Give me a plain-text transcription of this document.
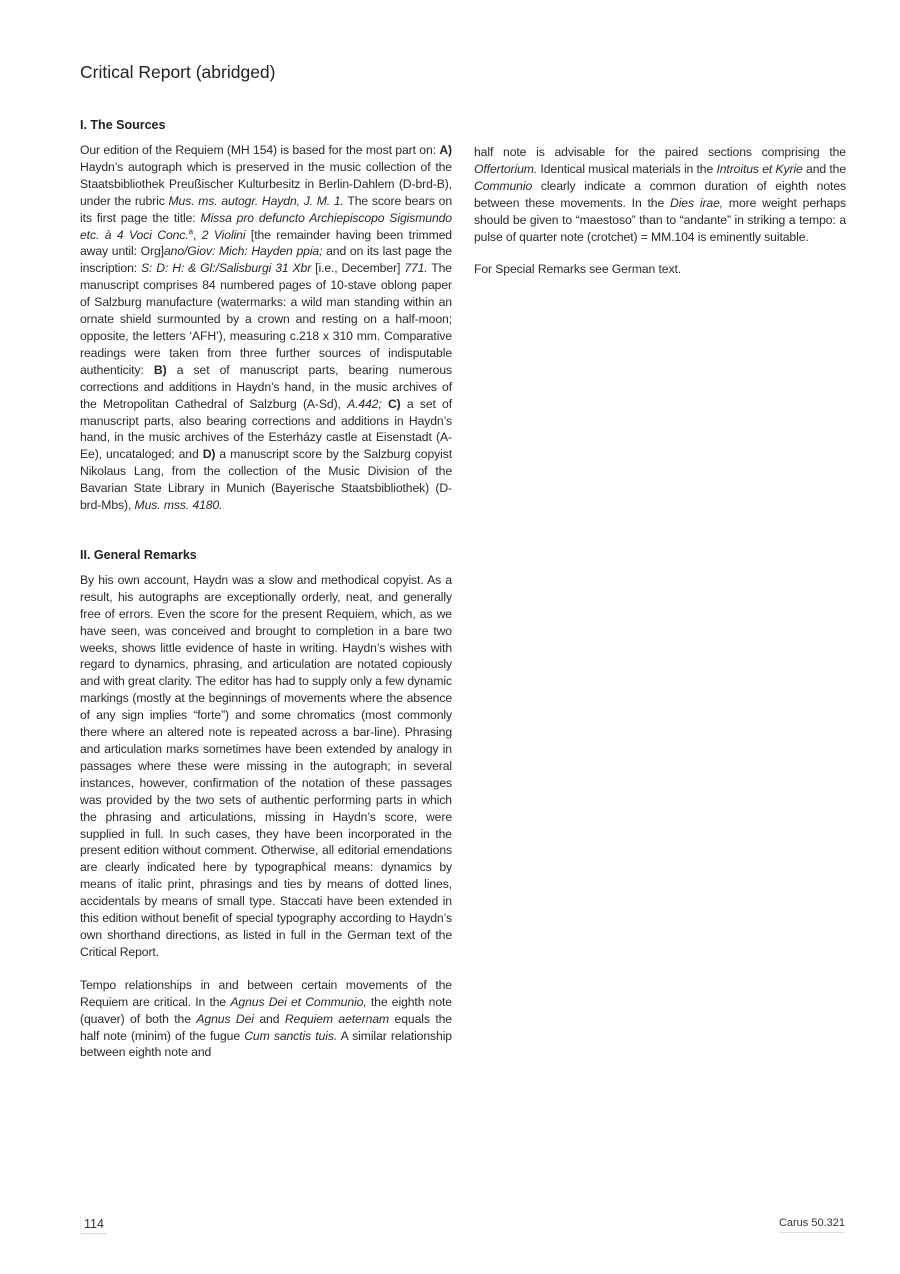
Critical Report (abridged)
I. The Sources

Our edition of the Requiem (MH 154) is based for the most part on: A) Haydn’s autograph which is preserved in the music collection of the Staatsbibliothek Preußischer Kulturbesitz in Berlin-Dahlem (D-brd-B), under the rubric Mus. ms. autogr. Haydn, J. M. 1. The score bears on its first page the title: Missa pro defuncto Archiepiscopo Sigismundo etc. à 4 Voci Conc.$^a$, 2 Violini [the remainder having been trimmed away until: Org]ano/Giov: Mich: Hayden ppia; and on its last page the inscription: S: D: H: & Gl:/Salisburgi 31 Xbr [i.e., December] 771. The manuscript comprises 84 numbered pages of 10-stave oblong paper of Salzburg manufacture (watermarks: a wild man standing within an ornate shield surmounted by a crown and resting on a half-moon; opposite, the letters ‘AFH’), measuring c.218 x 310 mm. Comparative readings were taken from three further sources of indisputable authenticity: B) a set of manuscript parts, bearing numerous corrections and additions in Haydn’s hand, in the music archives of the Metropolitan Cathedral of Salzburg (A-Sd), A.442; C) a set of manuscript parts, also bearing corrections and additions in Haydn’s hand, in the music archives of the Esterházy castle at Eisenstadt (A-Ee), uncataloged; and D) a manuscript score by the Salzburg copyist Nikolaus Lang, from the collection of the Music Division of the Bavarian State Library in Munich (Bayerische Staatsbibliothek) (D-brd-Mbs), Mus. mss. 4180.

II. General Remarks

By his own account, Haydn was a slow and methodical copyist. As a result, his autographs are exceptionally orderly, neat, and generally free of errors. Even the score for the present Requiem, which, as we have seen, was conceived and brought to completion in a bare two weeks, shows little evidence of haste in writing. Haydn’s wishes with regard to dynamics, phrasing, and articulation are notated copiously and with great clarity. The editor has had to supply only a few dynamic markings (mostly at the beginnings of movements where the absence of any sign implies “forte”) and some chromatics (most commonly there where an altered note is repeated across a bar-line). Phrasing and articulation marks sometimes have been extended by analogy in passages where these were missing in the autograph; in several instances, however, confirmation of the notation of these passages was provided by the two sets of authentic performing parts in which the phrasing and articulations, missing in Haydn’s score, were supplied in full. In such cases, they have been incorporated in the present edition without comment. Otherwise, all editorial emendations are clearly indicated here by typographical means: dynamics by means of italic print, phrasings and ties by means of dotted lines, accidentals by means of small type. Staccati have been extended in this edition without benefit of special typography according to Haydn’s own shorthand directions, as listed in full in the German text of the Critical Report.

Tempo relationships in and between certain movements of the Requiem are critical. In the Agnus Dei et Communio, the eighth note (quaver) of both the Agnus Dei and Requiem aeternam equals the half note (minim) of the fugue Cum sanctis tuis. A similar relationship between eighth note and

half note is advisable for the paired sections comprising the Offertorium. Identical musical materials in the Introitus et Kyrie and the Communio clearly indicate a common duration of eighth notes between these movements. In the Dies irae, more weight perhaps should be given to “maestoso” than to “andante” in striking a tempo: a pulse of quarter note (crotchet) = MM.104 is eminently suitable.

For Special Remarks see German text.

114	Carus 50.321
